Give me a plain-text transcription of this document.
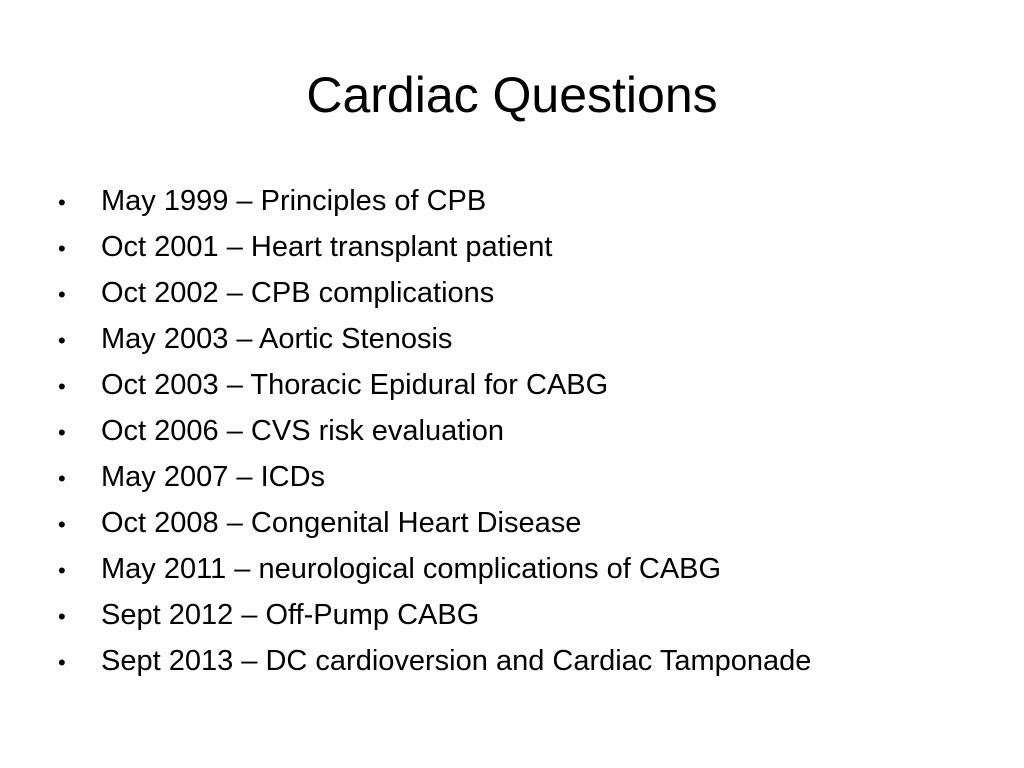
Cardiac Questions
•	May 1999 – Principles of CPB
•	Oct 2001 – Heart transplant patient
•	Oct 2002 – CPB complications
•	May 2003 – Aortic Stenosis
•	Oct 2003 – Thoracic Epidural for CABG
•	Oct 2006 – CVS risk evaluation
•	May 2007 – ICDs
•	Oct 2008 – Congenital Heart Disease
•	May 2011 – neurological complications of CABG
•	Sept 2012 – Off-Pump CABG
•	Sept 2013 – DC cardioversion and Cardiac Tamponade
